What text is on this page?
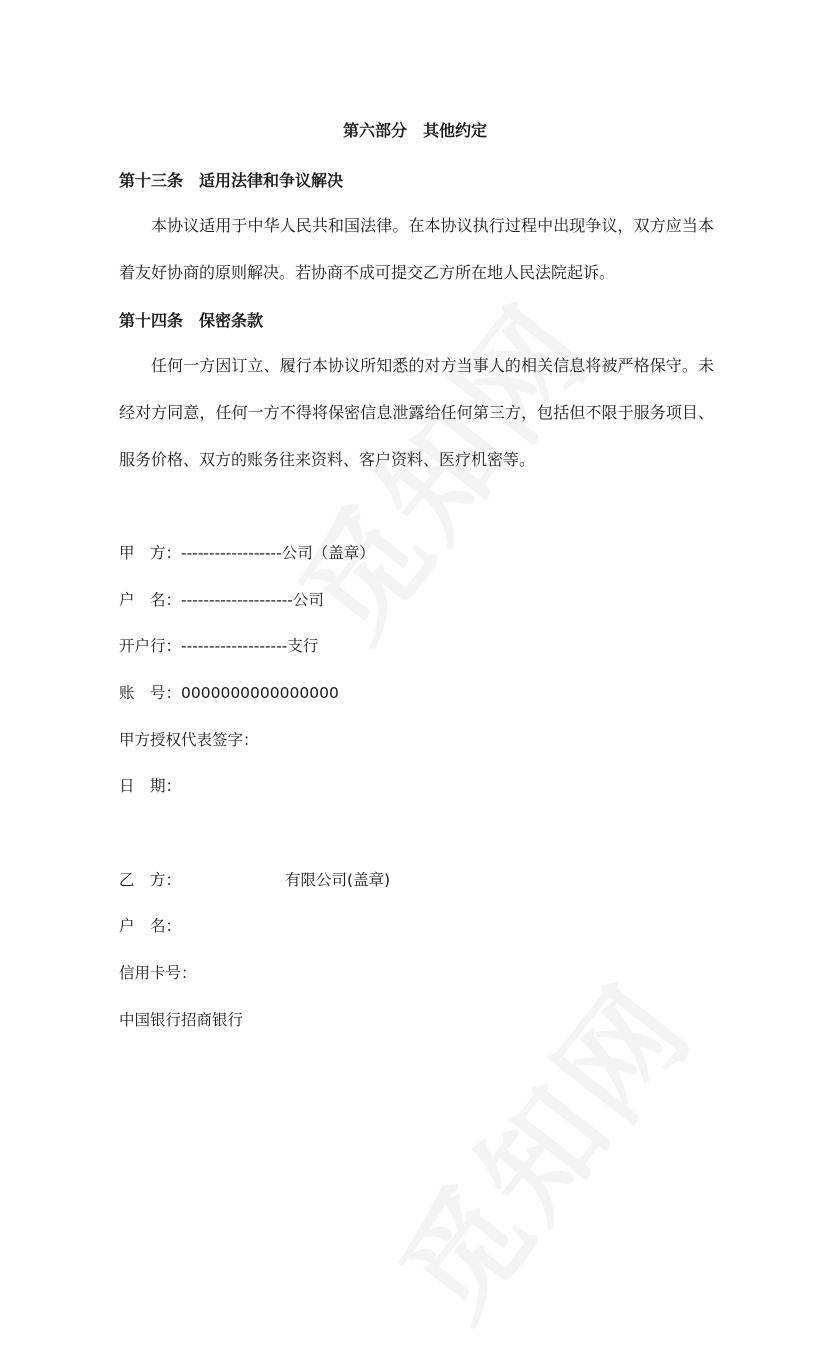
第六部分　其他约定
第十三条 适用法律和争议解决
本协议适用于中华人民共和国法律。在本协议执行过程中出现争议，双方应当本着友好协商的原则解决。若协商不成可提交乙方所在地人民法院起诉。
第十四条 保密条款
任何一方因订立、履行本协议所知悉的对方当事人的相关信息将被严格保守。未经对方同意，任何一方不得将保密信息泄露给任何第三方，包括但不限于服务项目、服务价格、双方的账务往来资料、客户资料、医疗机密等。
甲　方：------------------公司（盖章）
户　名：--------------------公司
开户行：-------------------支行
账　号：0000000000000000
甲方授权代表签字：
日　期：
乙　方：	有限公司(盖章)
户　名：
信用卡号：
中国银行招商银行
